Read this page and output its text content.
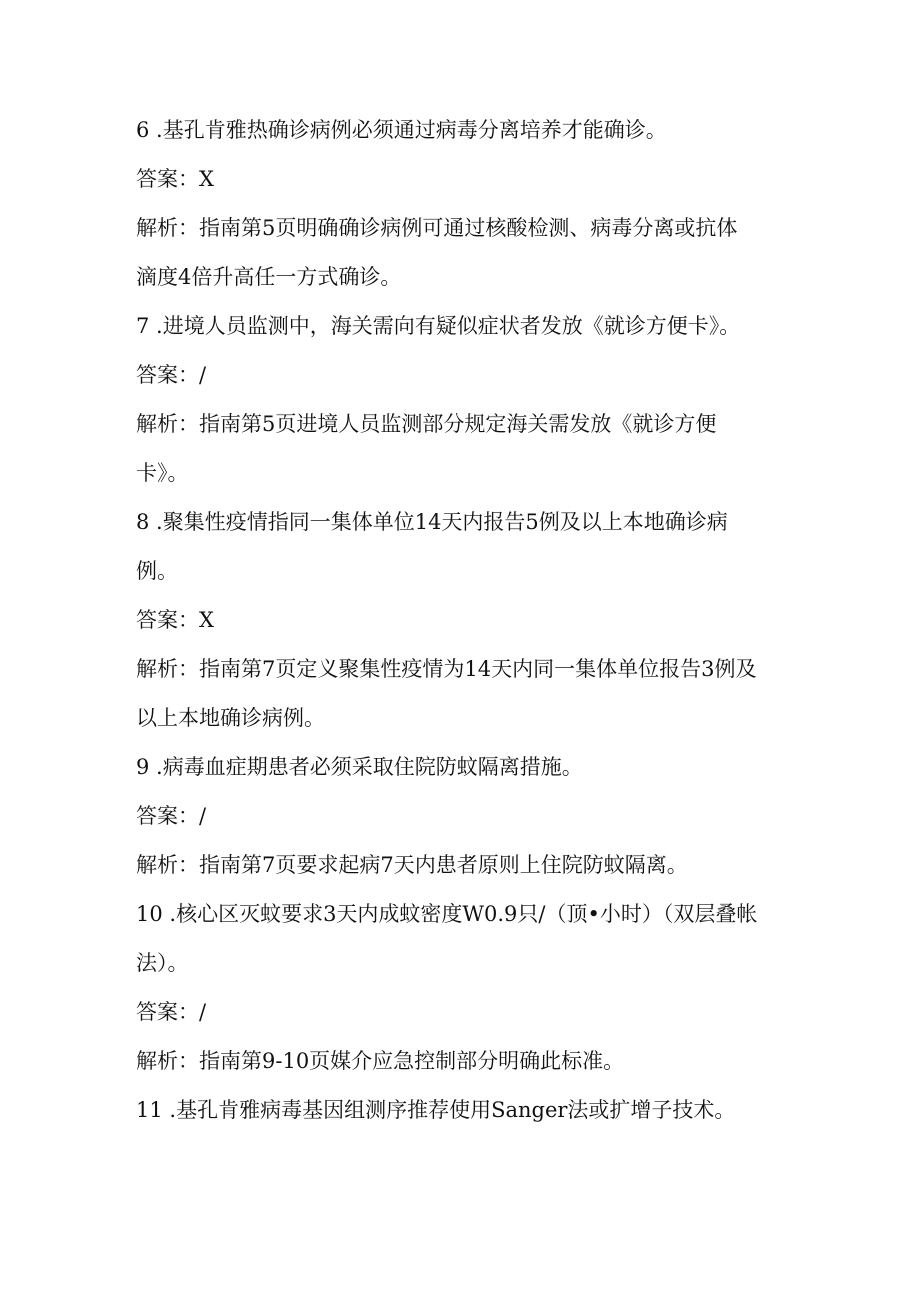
6 .基孔肯雅热确诊病例必须通过病毒分离培养才能确诊。
答案：X
解析：指南第5页明确确诊病例可通过核酸检测、病毒分离或抗体
滴度4倍升高任一方式确诊。
7 .进境人员监测中，海关需向有疑似症状者发放《就诊方便卡》。
答案：/
解析：指南第5页进境人员监测部分规定海关需发放《就诊方便
卡》。
8 .聚集性疫情指同一集体单位14天内报告5例及以上本地确诊病
例。
答案：X
解析：指南第7页定义聚集性疫情为14天内同一集体单位报告3例及
以上本地确诊病例。
9 .病毒血症期患者必须采取住院防蚊隔离措施。
答案：/
解析：指南第7页要求起病7天内患者原则上住院防蚊隔离。
10 .核心区灭蚊要求3天内成蚊密度W0.9只/（顶•小时）（双层叠帐
法）。
答案：/
解析：指南第9-10页媒介应急控制部分明确此标准。
11 .基孔肯雅病毒基因组测序推荐使用Sanger法或扩增子技术。
